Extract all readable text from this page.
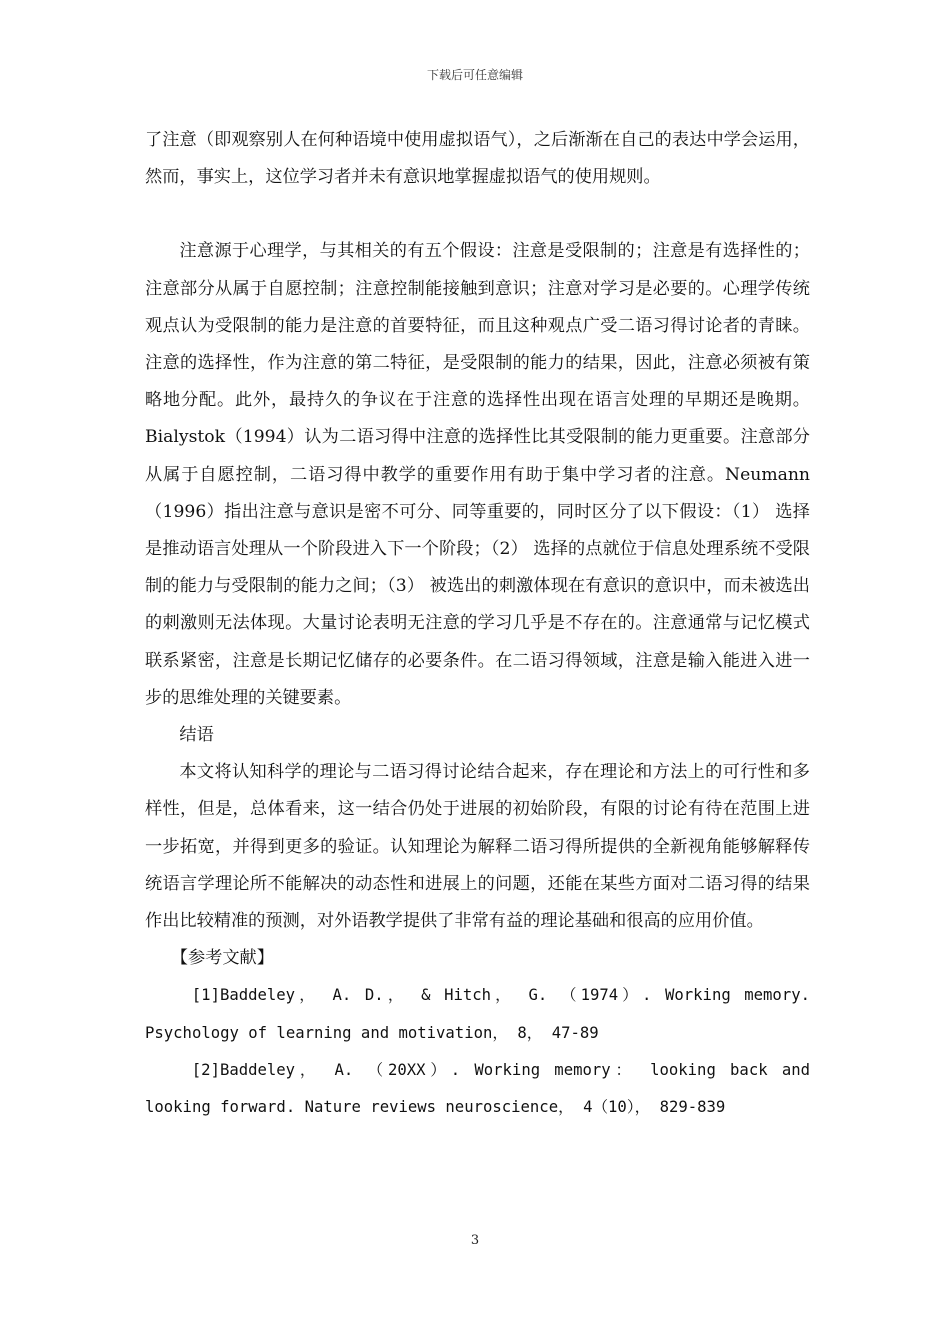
下载后可任意编辑

了注意（即观察别人在何种语境中使用虚拟语气），之后渐渐在自己的表达中学会运用，然而，事实上，这位学习者并未有意识地掌握虚拟语气的使用规则。

注意源于心理学，与其相关的有五个假设：注意是受限制的；注意是有选择性的；注意部分从属于自愿控制；注意控制能接触到意识；注意对学习是必要的。心理学传统观点认为受限制的能力是注意的首要特征，而且这种观点广受二语习得讨论者的青睐。注意的选择性，作为注意的第二特征，是受限制的能力的结果，因此，注意必须被有策略地分配。此外，最持久的争议在于注意的选择性出现在语言处理的早期还是晚期。Bialystok（1994）认为二语习得中注意的选择性比其受限制的能力更重要。注意部分从属于自愿控制，二语习得中教学的重要作用有助于集中学习者的注意。Neumann（1996）指出注意与意识是密不可分、同等重要的，同时区分了以下假设：（1） 选择是推动语言处理从一个阶段进入下一个阶段；（2） 选择的点就位于信息处理系统不受限制的能力与受限制的能力之间；（3） 被选出的刺激体现在有意识的意识中，而未被选出的刺激则无法体现。大量讨论表明无注意的学习几乎是不存在的。注意通常与记忆模式联系紧密，注意是长期记忆储存的必要条件。在二语习得领域，注意是输入能进入进一步的思维处理的关键要素。

结语

本文将认知科学的理论与二语习得讨论结合起来，存在理论和方法上的可行性和多样性，但是，总体看来，这一结合仍处于进展的初始阶段，有限的讨论有待在范围上进一步拓宽，并得到更多的验证。认知理论为解释二语习得所提供的全新视角能够解释传统语言学理论所不能解决的动态性和进展上的问题，还能在某些方面对二语习得的结果作出比较精准的预测，对外语教学提供了非常有益的理论基础和很高的应用价值。

【参考文献】

[1]Baddeley， A. D.， & Hitch， G. （1974）. Working memory. Psychology of learning and motivation， 8， 47-89

[2]Baddeley， A. （20XX）. Working memory： looking back and looking forward. Nature reviews neuroscience， 4（10）， 829-839

3
